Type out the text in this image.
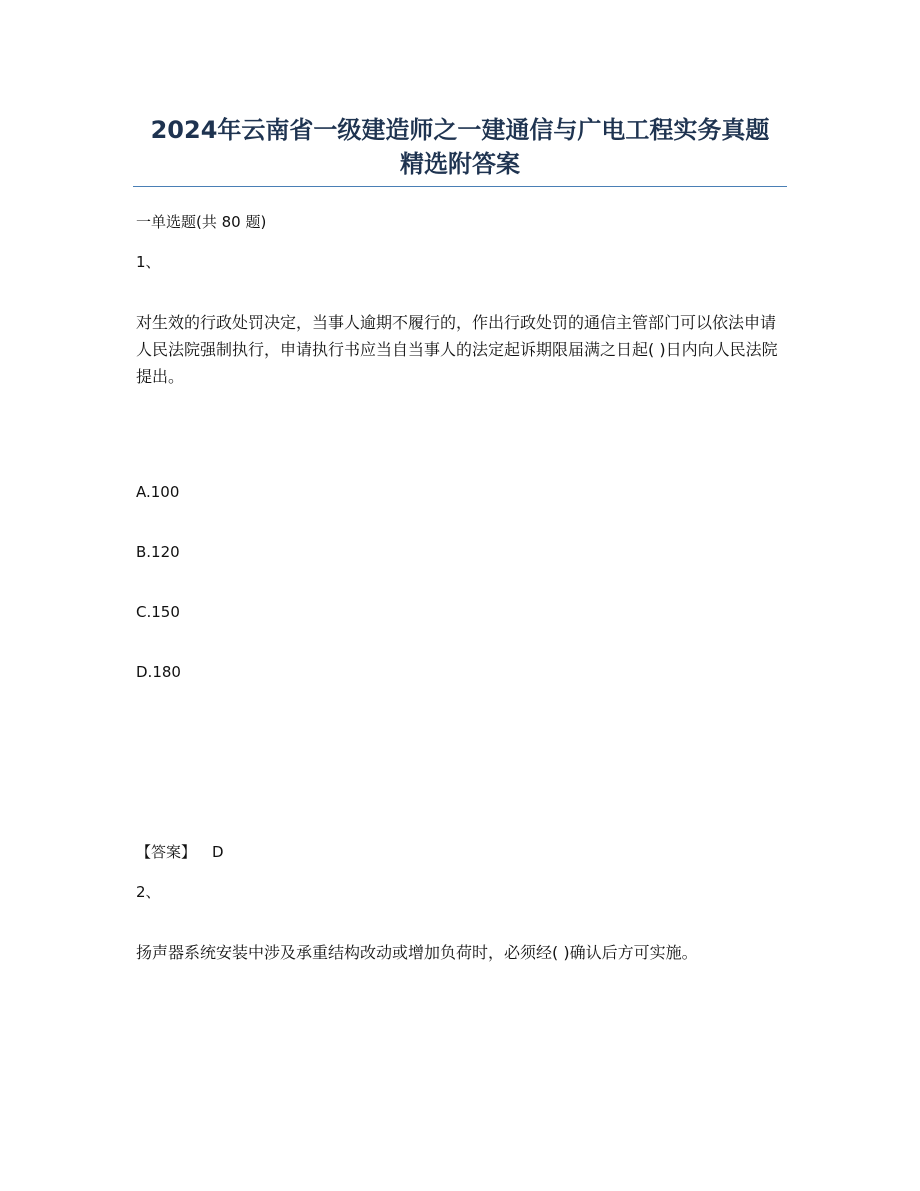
2024年云南省一级建造师之一建通信与广电工程实务真题
精选附答案
一单选题(共 80 题)
1、
对生效的行政处罚决定，当事人逾期不履行的，作出行政处罚的通信主管部门可以依法申请人民法院强制执行，申请执行书应当自当事人的法定起诉期限届满之日起( )日内向人民法院提出。
A.100
B.120
C.150
D.180
【答案】 D
2、
扬声器系统安装中涉及承重结构改动或增加负荷时，必须经( )确认后方可实施。
